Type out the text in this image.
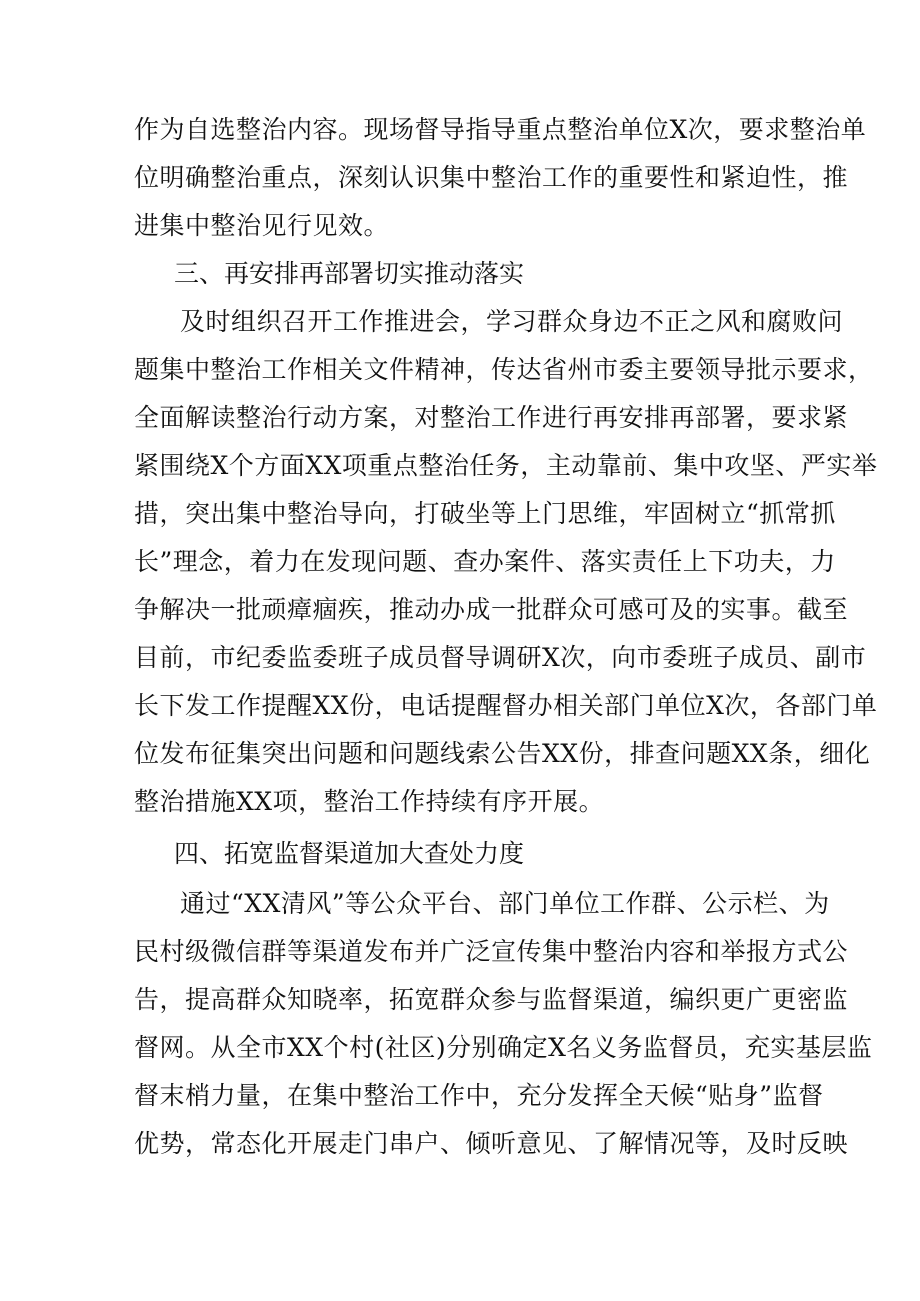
作为自选整治内容。现场督导指导重点整治单位X次，要求整治单
位明确整治重点，深刻认识集中整治工作的重要性和紧迫性，推
进集中整治见行见效。
三、再安排再部署切实推动落实
及时组织召开工作推进会，学习群众身边不正之风和腐败问
题集中整治工作相关文件精神，传达省州市委主要领导批示要求，
全面解读整治行动方案，对整治工作进行再安排再部署，要求紧
紧围绕X个方面XX项重点整治任务，主动靠前、集中攻坚、严实举
措，突出集中整治导向，打破坐等上门思维，牢固树立“抓常抓
长”理念，着力在发现问题、查办案件、落实责任上下功夫，力
争解决一批顽瘴痼疾，推动办成一批群众可感可及的实事。截至
目前，市纪委监委班子成员督导调研X次，向市委班子成员、副市
长下发工作提醒XX份，电话提醒督办相关部门单位X次，各部门单
位发布征集突出问题和问题线索公告XX份，排查问题XX条，细化
整治措施XX项，整治工作持续有序开展。
四、拓宽监督渠道加大查处力度
通过“XX清风”等公众平台、部门单位工作群、公示栏、为
民村级微信群等渠道发布并广泛宣传集中整治内容和举报方式公
告，提高群众知晓率，拓宽群众参与监督渠道，编织更广更密监
督网。从全市XX个村(社区)分别确定X名义务监督员，充实基层监
督末梢力量，在集中整治工作中，充分发挥全天候“贴身”监督
优势，常态化开展走门串户、倾听意见、了解情况等，及时反映
